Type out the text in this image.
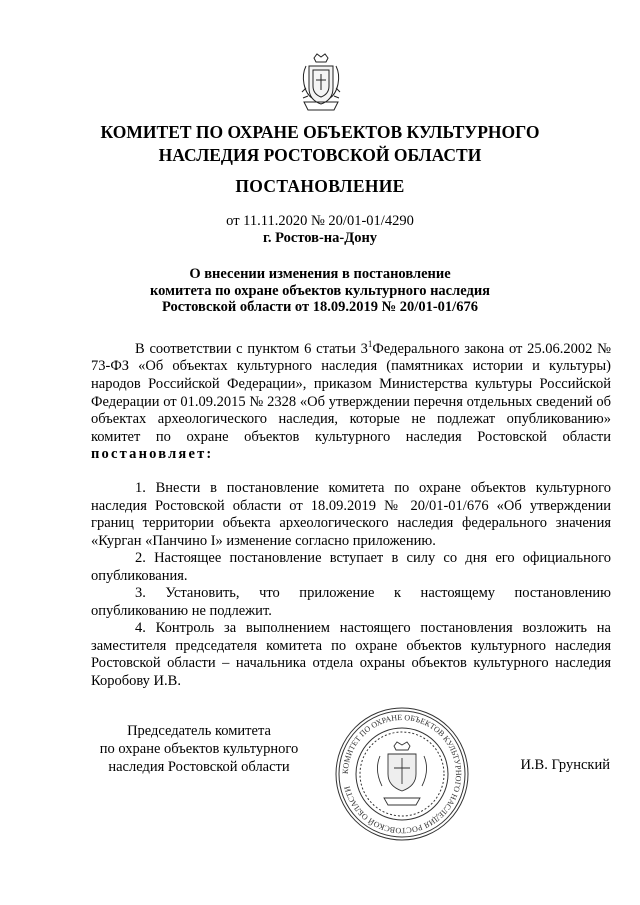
КОМИТЕТ ПО ОХРАНЕ ОБЪЕКТОВ КУЛЬТУРНОГО
НАСЛЕДИЯ РОСТОВСКОЙ ОБЛАСТИ
ПОСТАНОВЛЕНИЕ
от 11.11.2020 № 20/01-01/4290
г. Ростов-на-Дону
О внесении изменения в постановление
комитета по охране объектов культурного наследия
Ростовской области от 18.09.2019 № 20/01-01/676
В соответствии с пунктом 6 статьи $3^1Федерального$ закона от 25.06.2002 № 73-ФЗ «Об объектах культурного наследия (памятниках истории и культуры) народов Российской Федерации», приказом Министерства культуры Российской Федерации от 01.09.2015 № 2328 «Об утверждении перечня отдельных сведений об объектах археологического наследия, которые не подлежат опубликованию» комитет по охране объектов культурного наследия Ростовской области постановляет:
1. Внести в постановление комитета по охране объектов культурного наследия Ростовской области от 18.09.2019 № 20/01-01/676 «Об утверждении границ территории объекта археологического наследия федерального значения «Курган «Панчино I» изменение согласно приложению.
2. Настоящее постановление вступает в силу со дня его официального опубликования.
3. Установить, что приложение к настоящему постановлению опубликованию не подлежит.
4. Контроль за выполнением настоящего постановления возложить на заместителя председателя комитета по охране объектов культурного наследия Ростовской области – начальника отдела охраны объектов культурного наследия Коробову И.В.
Председатель комитета
по охране объектов культурного
наследия Ростовской области	КОМИТЕТ ПО ОХРАНЕ ОБЪЕКТОВ КУЛЬТУРНОГО НАСЛЕДИЯ РОСТОВСКОЙ ОБЛАСТИ
И.В. Грунский
